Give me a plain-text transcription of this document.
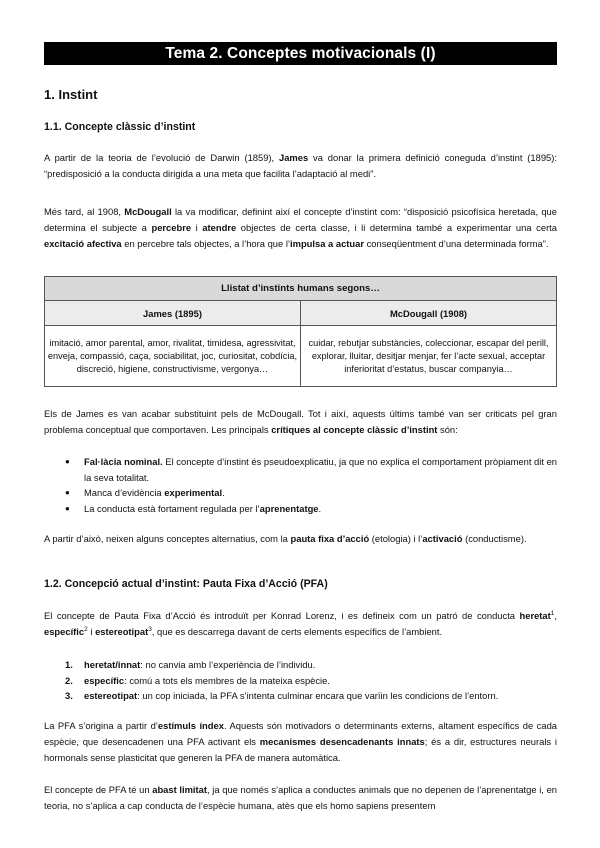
Tema 2. Conceptes motivacionals (I)
1. Instint
1.1. Concepte clàssic d’instint

A partir de la teoria de l’evolució de Darwin (1859), James va donar la primera definició coneguda d’instint (1895): “predisposició a la conducta dirigida a una meta que facilita l’adaptació al medi”.

Més tard, al 1908, McDougall la va modificar, definint així el concepte d’instint com: “disposició psicofísica heretada, que determina el subjecte a percebre i atendre objectes de certa classe, i li determina també a experimentar una certa excitació afectiva en percebre tals objectes, a l’hora que l’impulsa a actuar conseqüentment d’una determinada forma”.

Llistat d’instints humans segons…	
James (1895)	McDougall (1908)
imitació, amor parental, amor, rivalitat, timidesa, agressivitat, enveja, compassió, caça, sociabilitat, joc, curiositat, cobdícia, discreció, higiene, constructivisme, vergonya…	cuidar, rebutjar substàncies, coleccionar, escapar del perill, explorar, lluitar, desitjar menjar, fer l’acte sexual, acceptar inferioritat d’estatus, buscar companyia…

Els de James es van acabar substituint pels de McDougall. Tot i així, aquests últims també van ser criticats pel gran problema conceptual que comportaven. Les principals crítiques al concepte clàssic d’instint són:

● Fal·làcia nominal. El concepte d’instint és pseudoexplicatiu, ja que no explica el comportament pròpiament dit en la seva totalitat.
● Manca d’evidència experimental.
● La conducta està fortament regulada per l’aprenentatge.

A partir d’això, neixen alguns conceptes alternatius, com la pauta fixa d’acció (etologia) i l’activació (conductisme).

1.2. Concepció actual d’instint: Pauta Fixa d’Acció (PFA)

El concepte de Pauta Fixa d’Acció és introduït per Konrad Lorenz, i es defineix com un patró de conducta heretat$^1$, específic$^2$ i estereotipat$^3$, que es descarrega davant de certs elements específics de l’ambient.

1. heretat/innat: no canvia amb l’experiència de l’individu.
2. específic: comú a tots els membres de la mateixa espècie.
3. estereotipat: un cop iniciada, la PFA s’intenta culminar encara que varïin les condicions de l’entorn.

La PFA s’origina a partir d’estímuls índex. Aquests són motivadors o determinants externs, altament específics de cada espècie, que desencadenen una PFA activant els mecanismes desencadenants innats; és a dir, estructures neurals i hormonals sense plasticitat que generen la PFA de manera automàtica.

El concepte de PFA té un abast limitat, ja que només s’aplica a conductes animals que no depenen de l’aprenentatge i, en teoria, no s’aplica a cap conducta de l’espècie humana, atès que els homo sapiens presentem
